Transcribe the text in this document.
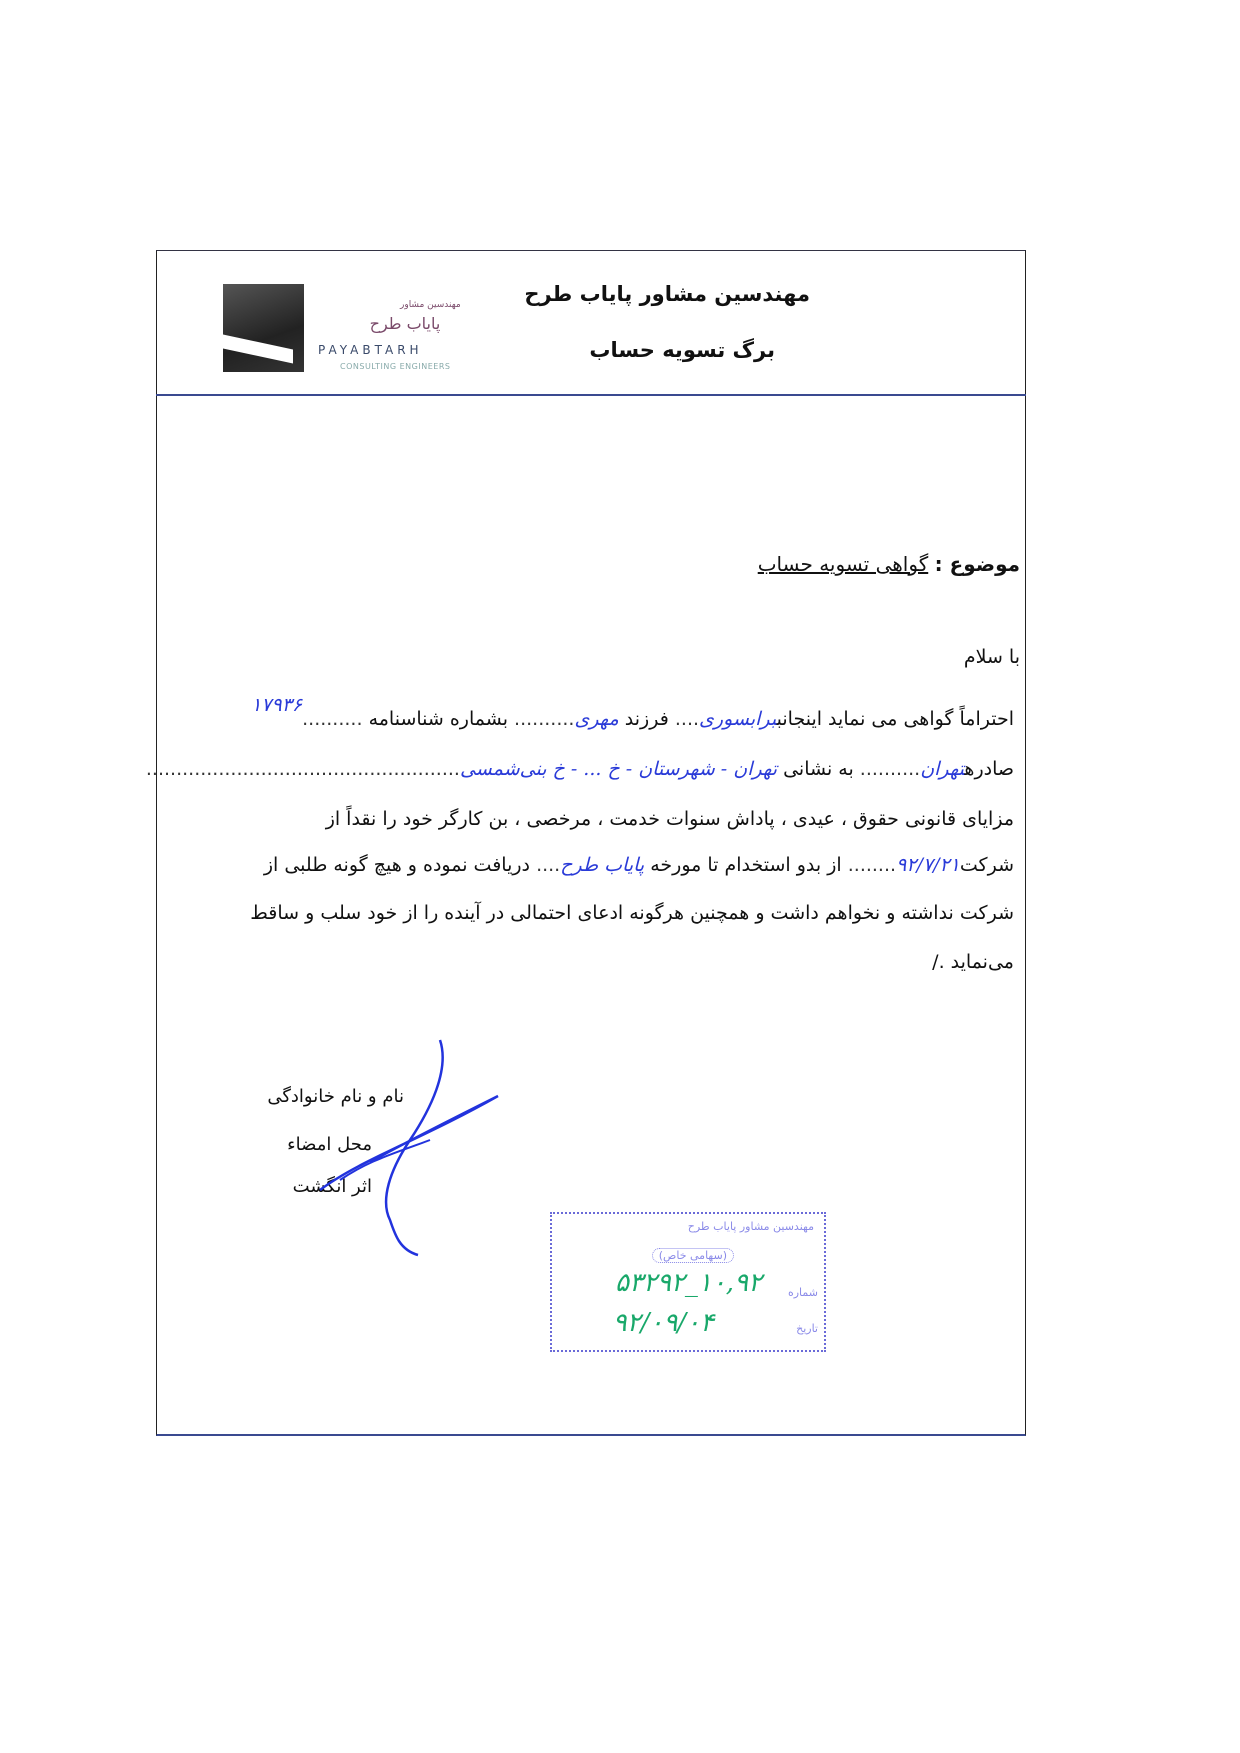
مهندسین مشاور پایاب طرح
برگ تسویه حساب
مهندسین مشاور
پایاب طرح
PAYABTARH
CONSULTING ENGINEERS
موضوع : گواهی تسویه حساب
با سلام
احتراماً گواهی می نماید اینجانببرابسوری.... فرزند مهری.......... بشماره شناسنامه ..........۱۷۹۳۶
صادرهتهران.......... به نشانی تهران - شهرستان - خ ... - خ بنی‌شمسی....................................................
مزایای قانونی حقوق ، عیدی ، پاداش سنوات خدمت ، مرخصی ، بن کارگر خود را نقداً از
شرکت۹۲/۷/۲۱........ از بدو استخدام تا مورخه پایاب طرح.... دریافت نموده و هیچ گونه طلبی از
شرکت نداشته و نخواهم داشت و همچنین هرگونه ادعای احتمالی در آینده را از خود سلب و ساقط
می‌نماید ./
نام و نام خانوادگی
محل امضاء
اثر انگشت
مهندسین مشاور پایاب طرح
(سهامی خاص)
شماره
۱۰,۹۲_۵۳۲۹۲
تاریخ
۹۲/۰۹/۰۴
